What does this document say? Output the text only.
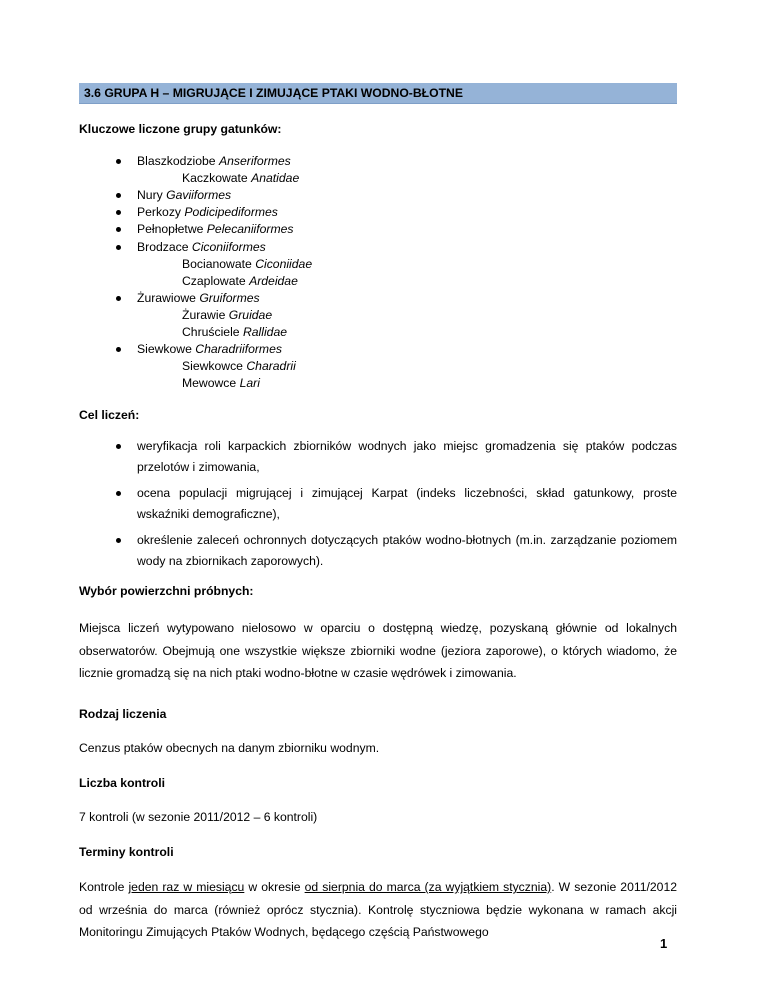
3.6 GRUPA H – MIGRUJĄCE I ZIMUJĄCE PTAKI WODNO-BŁOTNE
Kluczowe liczone grupy gatunków:
Blaszkodziobe Anseriformes
Kaczkowate Anatidae
Nury Gaviiformes
Perkozy Podicipediformes
Pełnopłetwe Pelecaniiformes
Brodzace Ciconiiformes
Bocianowate Ciconiidae
Czaplowate Ardeidae
Żurawiowe Gruiformes
Żurawie Gruidae
Chruściele Rallidae
Siewkowe Charadriiformes
Siewkowce Charadrii
Mewowce Lari
Cel liczeń:
weryfikacja roli karpackich zbiorników wodnych jako miejsc gromadzenia się ptaków podczas przelotów i zimowania,
ocena populacji migrującej i zimującej Karpat (indeks liczebności, skład gatunkowy, proste wskaźniki demograficzne),
określenie zaleceń ochronnych dotyczących ptaków wodno-błotnych (m.in. zarządzanie poziomem wody na zbiornikach zaporowych).
Wybór powierzchni próbnych:
Miejsca liczeń wytypowano nielosowo w oparciu o dostępną wiedzę, pozyskaną głównie od lokalnych obserwatorów. Obejmują one wszystkie większe zbiorniki wodne (jeziora zaporowe), o których wiadomo, że licznie gromadzą się na nich ptaki wodno-błotne w czasie wędrówek i zimowania.
Rodzaj liczenia
Cenzus ptaków obecnych na danym zbiorniku wodnym.
Liczba kontroli
7 kontroli (w sezonie 2011/2012 – 6 kontroli)
Terminy kontroli
Kontrole jeden raz w miesiącu w okresie od sierpnia do marca (za wyjątkiem stycznia). W sezonie 2011/2012 od września do marca (również oprócz stycznia). Kontrolę styczniowa będzie wykonana w ramach akcji Monitoringu Zimujących Ptaków Wodnych, będącego częścią Państwowego
1
